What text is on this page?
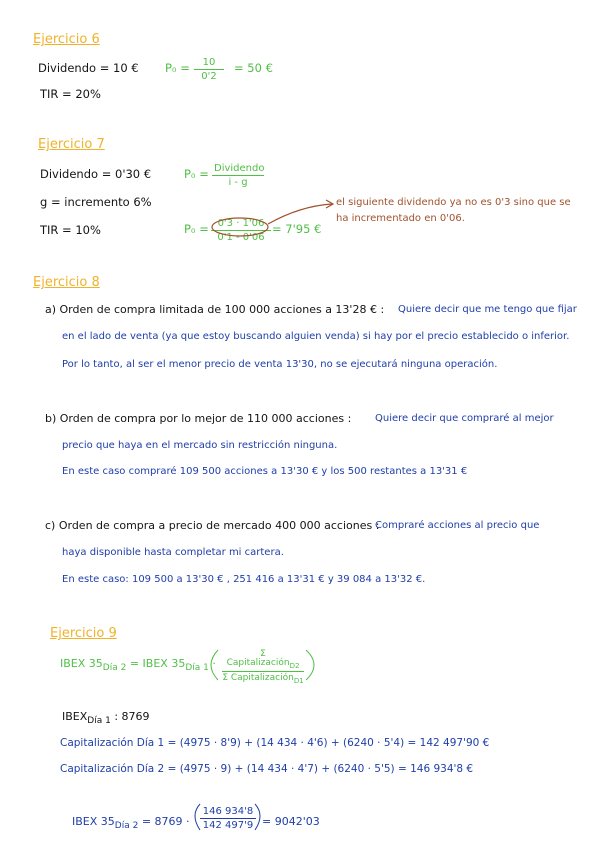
Ejercicio 6
Dividendo = 10 €
TIR = 20%
$P_0 = \frac{10}{0'2} = 50$ €
Ejercicio 7
Dividendo = 0'30 €
g = incremento 6%
TIR = 10%
P₀ = Dividendo
i - g
$P_0 = \frac{0'3 \cdot 1'06}{0'1 - 0'06} = 7'95$ €
el siguiente dividendo ya no es 0'3 sino que se
ha incrementado en 0'06.
Ejercicio 8
a) Orden de compra limitada de 100 000 acciones a 13'28 € : Quiere decir que me tengo que fijar
en el lado de venta (ya que estoy buscando alguien venda) si hay por el precio establecido o inferior.
Por lo tanto, al ser el menor precio de venta 13'30, no se ejecutará ninguna operación.
b) Orden de compra por lo mejor de 110 000 acciones : Quiere decir que compraré al mejor
precio que haya en el mercado sin restricción ninguna.
En este caso compraré 109 500 acciones a 13'30 € y los 500 restantes a 13'31 €
c) Orden de compra a precio de mercado 400 000 acciones :
Compraré acciones al precio que
haya disponible hasta completar mi cartera.
En este caso: 109 500 a 13'30 € , 251 416 a 13'31 € y 39 084 a 13'32 €.
Ejercicio 9
IBEX $35_{Día 2}$ = IBEX $35_{Día 1}$ ·
Σ Capitalización$_{D2}$
Σ Capitalización$_{D1}$
$IBEX_{Día 1}$ : 8769
Capitalización Día 1 = (4975 · 8'9) + (14 434 · 4'6) + (6240 · 5'4) = 142 497'90 €
Capitalización Día 2 = (4975 · 9) + (14 434 · 4'7) + (6240 · 5'5) = 146 934'8 €
IBEX $35_{Día 2} = 8769 \cdot \frac{146 934'8}{142 497'9} = 9042'03$
